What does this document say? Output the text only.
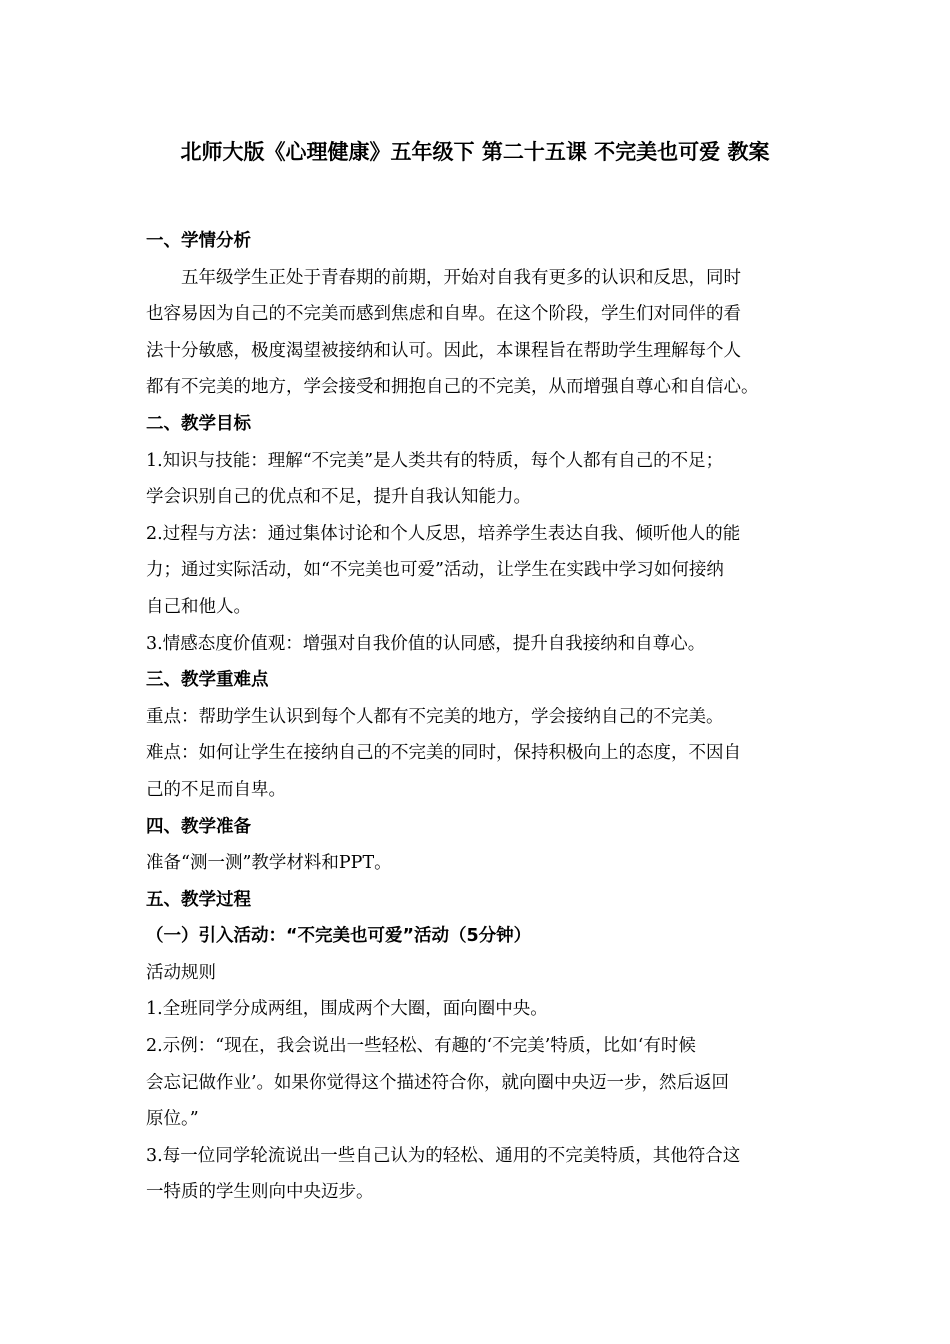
北师大版《心理健康》五年级下 第二十五课 不完美也可爱 教案
一、学情分析
五年级学生正处于青春期的前期，开始对自我有更多的认识和反思，同时
也容易因为自己的不完美而感到焦虑和自卑。在这个阶段，学生们对同伴的看
法十分敏感，极度渴望被接纳和认可。因此，本课程旨在帮助学生理解每个人
都有不完美的地方，学会接受和拥抱自己的不完美，从而增强自尊心和自信心。
二、教学目标
1.知识与技能：理解“不完美”是人类共有的特质，每个人都有自己的不足；
学会识别自己的优点和不足，提升自我认知能力。
2.过程与方法：通过集体讨论和个人反思，培养学生表达自我、倾听他人的能
力；通过实际活动，如“不完美也可爱”活动，让学生在实践中学习如何接纳
自己和他人。
3.情感态度价值观：增强对自我价值的认同感，提升自我接纳和自尊心。
三、教学重难点
重点：帮助学生认识到每个人都有不完美的地方，学会接纳自己的不完美。
难点：如何让学生在接纳自己的不完美的同时，保持积极向上的态度，不因自
己的不足而自卑。
四、教学准备
准备“测一测”教学材料和PPT。
五、教学过程
（一）引入活动：“不完美也可爱”活动（5分钟）
活动规则
1.全班同学分成两组，围成两个大圈，面向圈中央。
2.示例：“现在，我会说出一些轻松、有趣的‘不完美’特质，比如‘有时候
会忘记做作业’。如果你觉得这个描述符合你，就向圈中央迈一步，然后返回
原位。”
3.每一位同学轮流说出一些自己认为的轻松、通用的不完美特质，其他符合这
一特质的学生则向中央迈步。
